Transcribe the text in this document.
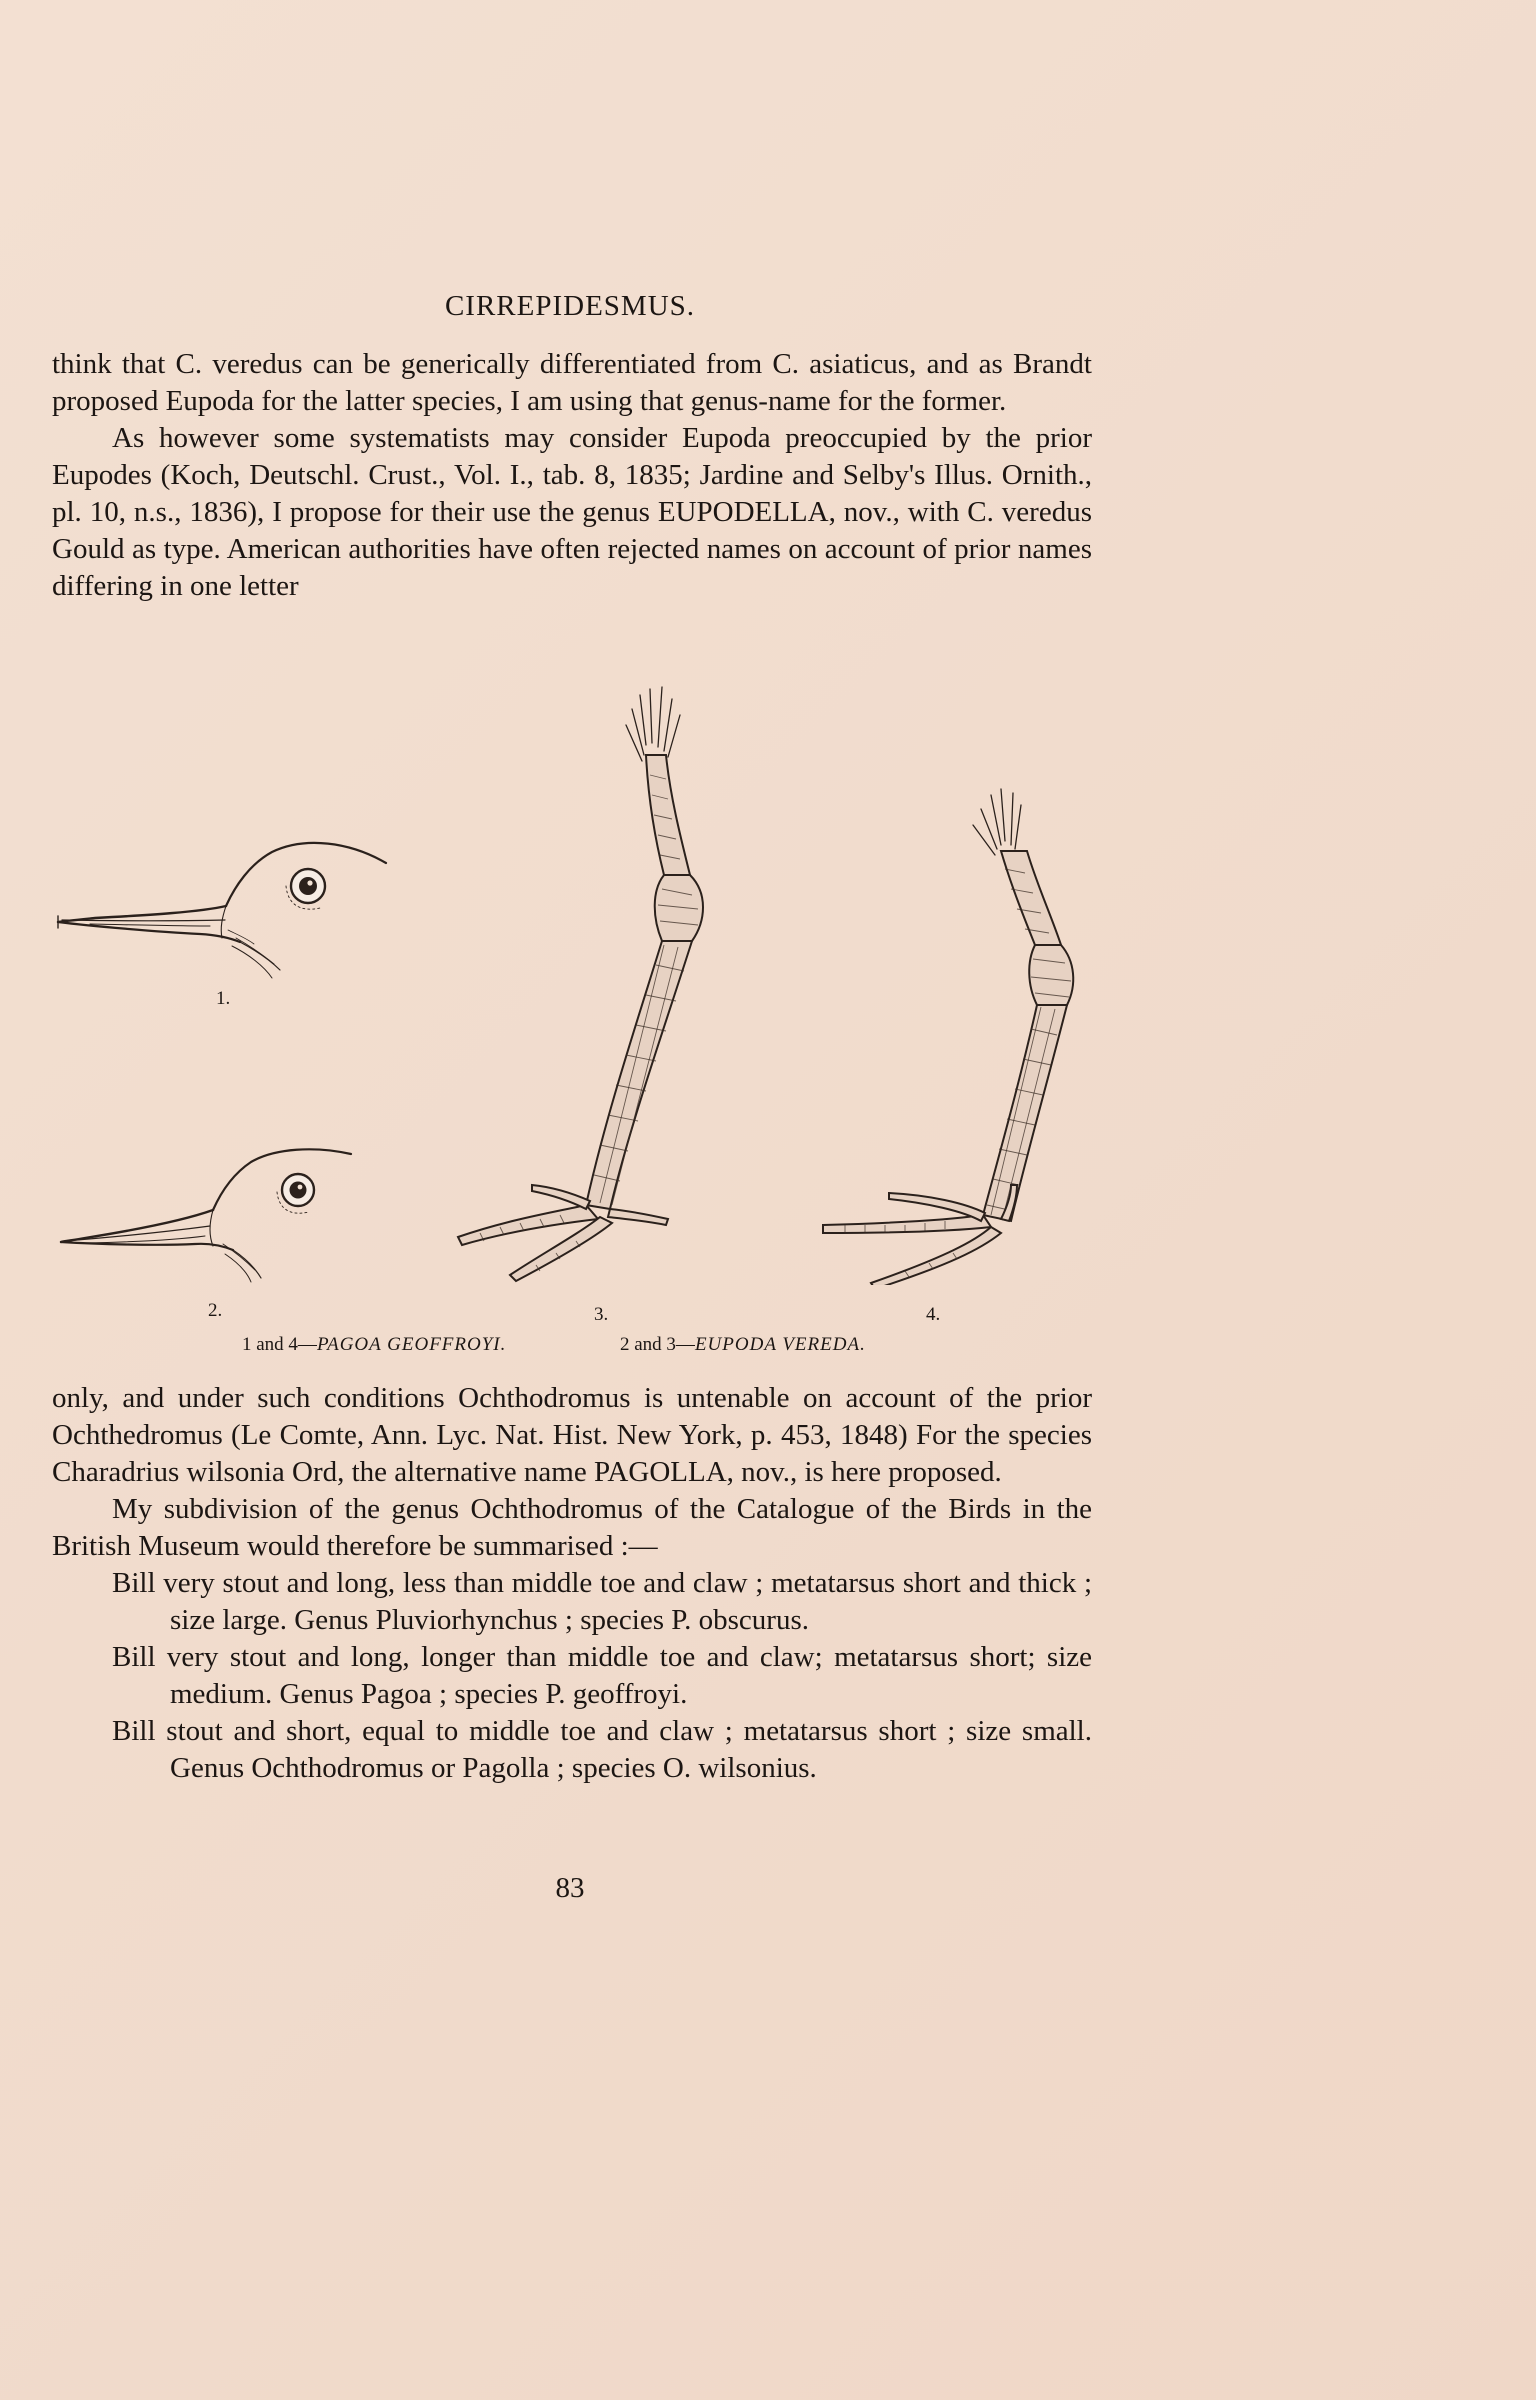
CIRREPIDESMUS.

think that C. veredus can be generically differentiated from C. asiaticus, and as Brandt proposed Eupoda for the latter species, I am using that genus-name for the former.

As however some systematists may consider Eupoda preoccupied by the prior Eupodes (Koch, Deutschl. Crust., Vol. I., tab. 8, 1835; Jardine and Selby's Illus. Ornith., pl. 10, n.s., 1836), I propose for their use the genus EUPODELLA, nov., with C. veredus Gould as type. American authorities have often rejected names on account of prior names differing in one letter

1.
2.	3.	4.
1 and 4—PAGOA GEOFFROYI.	2 and 3—EUPODA VEREDA.

only, and under such conditions Ochthodromus is untenable on account of the prior Ochthedromus (Le Comte, Ann. Lyc. Nat. Hist. New York, p. 453, 1848) For the species Charadrius wilsonia Ord, the alternative name PAGOLLA, nov., is here proposed.

My subdivision of the genus Ochthodromus of the Catalogue of the Birds in the British Museum would therefore be summarised :—

Bill very stout and long, less than middle toe and claw ; metatarsus short and thick ; size large. Genus Pluviorhynchus ; species P. obscurus.

Bill very stout and long, longer than middle toe and claw; metatarsus short; size medium. Genus Pagoa ; species P. geoffroyi.

Bill stout and short, equal to middle toe and claw ; metatarsus short ; size small. Genus Ochthodromus or Pagolla ; species O. wilsonius.

83
